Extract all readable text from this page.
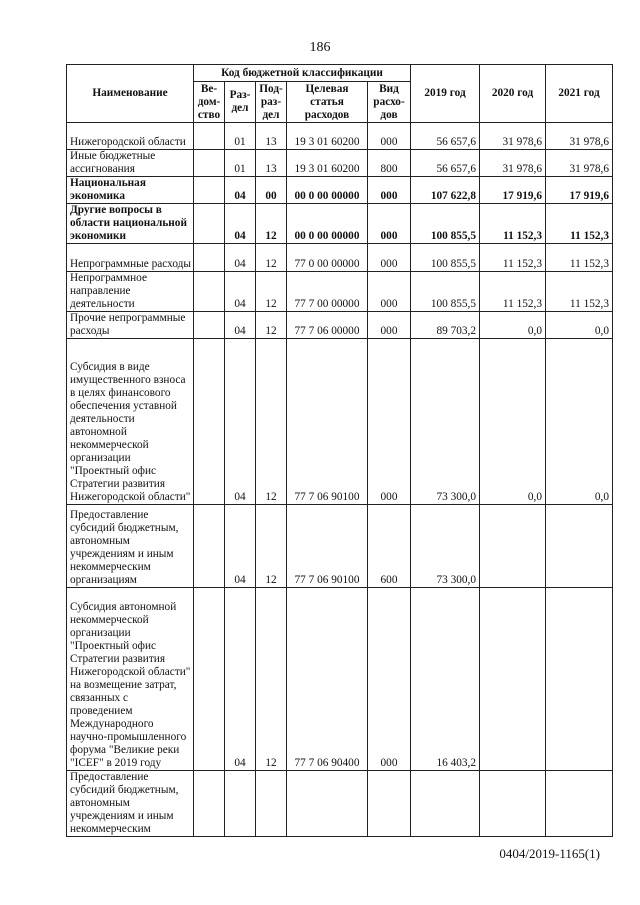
186
Наименование	Код бюджетной классификации					2019 год	2020 год	2021 год
	Ве-дом-ство	Раз-дел	Под-раз-дел	Целевая статья расходов	Вид расхо-дов			
Нижегородской области		01	13	19 3 01 60200	000	56 657,6	31 978,6	31 978,6
Иные бюджетные ассигнования		01	13	19 3 01 60200	800	56 657,6	31 978,6	31 978,6
Национальная экономика		04	00	00 0 00 00000	000	107 622,8	17 919,6	17 919,6
Другие вопросы в области национальной экономики		04	12	00 0 00 00000	000	100 855,5	11 152,3	11 152,3
Непрограммные расходы		04	12	77 0 00 00000	000	100 855,5	11 152,3	11 152,3
Непрограммное направление деятельности		04	12	77 7 00 00000	000	100 855,5	11 152,3	11 152,3
Прочие непрограммные расходы		04	12	77 7 06 00000	000	89 703,2	0,0	0,0
Субсидия в виде имущественного взноса в целях финансового обеспечения уставной деятельности автономной некоммерческой организации "Проектный офис Стратегии развития Нижегородской области"		04	12	77 7 06 90100	000	73 300,0	0,0	0,0
Предоставление субсидий бюджетным, автономным учреждениям и иным некоммерческим организациям		04	12	77 7 06 90100	600	73 300,0		
Субсидия автономной некоммерческой организации "Проектный офис Стратегии развития Нижегородской области" на возмещение затрат, связанных с проведением Международного научно-промышленного форума "Великие реки "ICEF" в 2019 году		04	12	77 7 06 90400	000	16 403,2		
Предоставление субсидий бюджетным, автономным учреждениям и иным некоммерческим								
0404/2019-1165(1)
